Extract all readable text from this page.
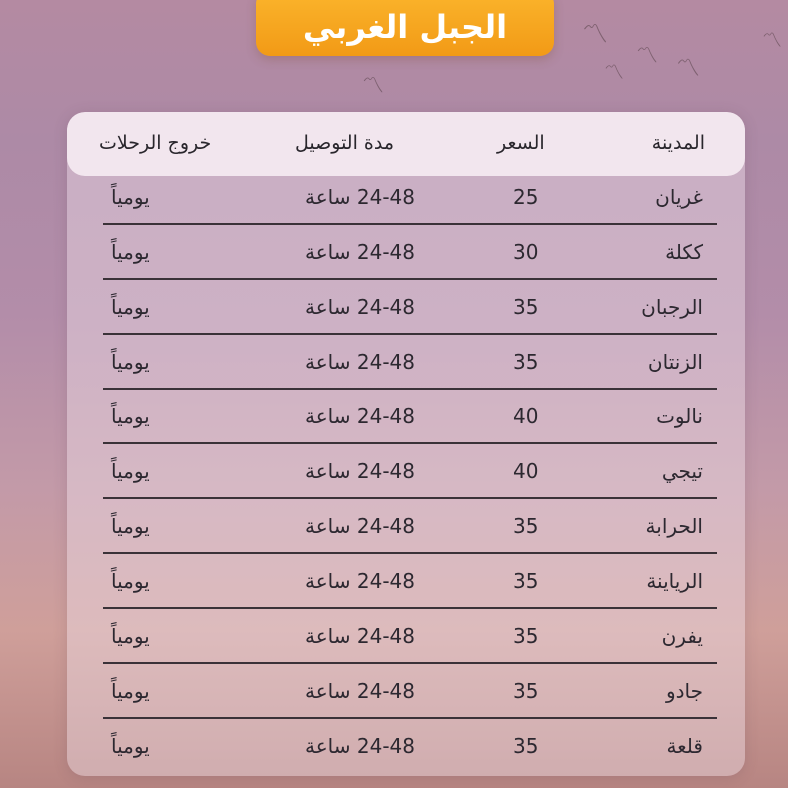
〽
〽
〽 〽
〽
〽
الجبل الغربي
المدينة
السعر
مدة التوصيل
خروج الرحلات
غريان
25
24-48 ساعة
يومياً
ككلة
30
24-48 ساعة
يومياً
الرجبان
35
24-48 ساعة
يومياً
الزنتان
35
24-48 ساعة
يومياً
نالوت
40
24-48 ساعة
يومياً
تيجي
40
24-48 ساعة
يومياً
الحرابة
35
24-48 ساعة
يومياً
الرياينة
35
24-48 ساعة
يومياً
يفرن
35
24-48 ساعة
يومياً
جادو
35
24-48 ساعة
يومياً
قلعة
35
24-48 ساعة
يومياً
